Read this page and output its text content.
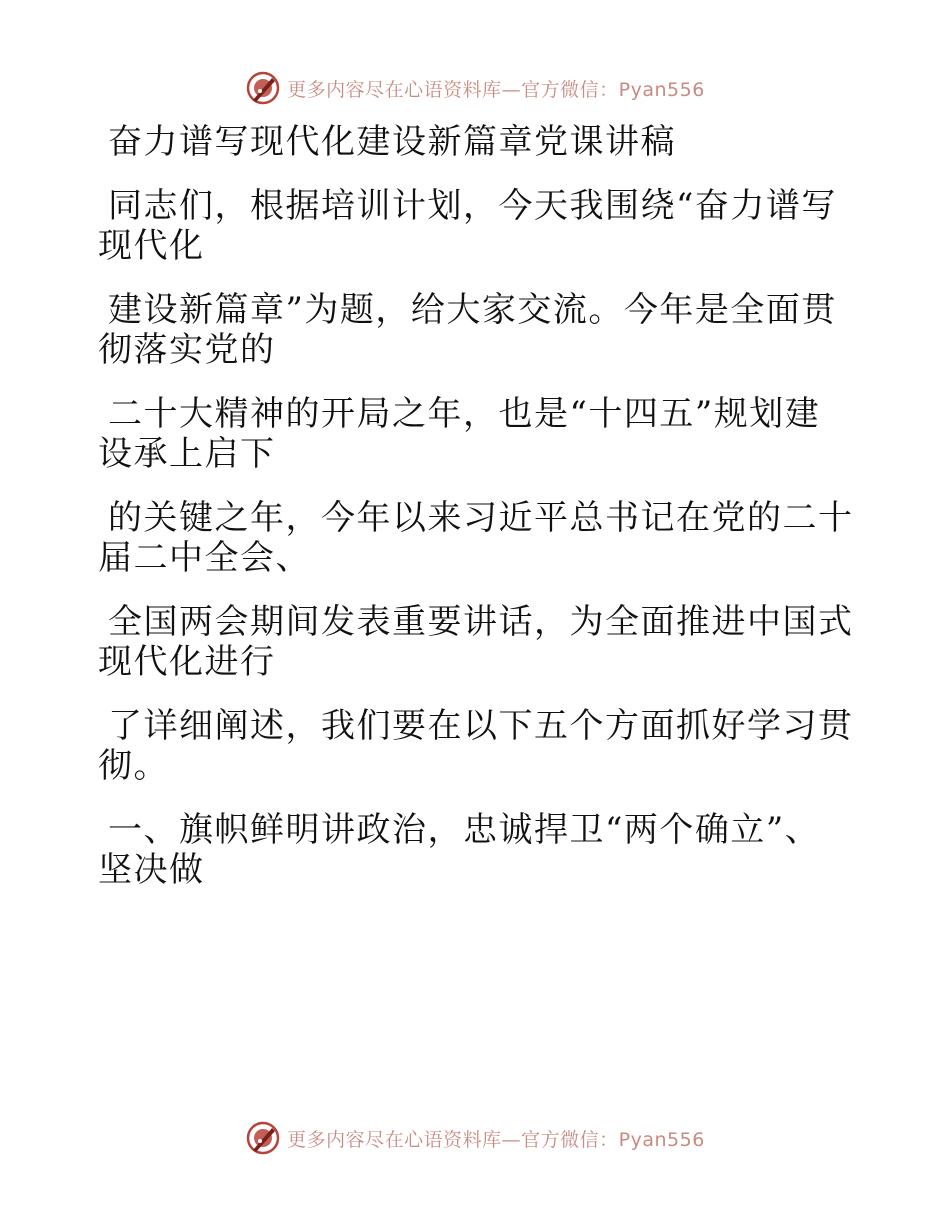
更多内容尽在心语资料库—官方微信：Pyan556
奋力谱写现代化建设新篇章党课讲稿
同志们，根据培训计划，今天我围绕“奋力谱写
现代化
建设新篇章”为题，给大家交流。今年是全面贯
彻落实党的
二十大精神的开局之年，也是“十四五”规划建
设承上启下
的关键之年，今年以来习近平总书记在党的二十
届二中全会、
全国两会期间发表重要讲话，为全面推进中国式
现代化进行
了详细阐述，我们要在以下五个方面抓好学习贯
彻。
一、旗帜鲜明讲政治，忠诚捍卫“两个确立”、
坚决做
更多内容尽在心语资料库—官方微信：Pyan556
